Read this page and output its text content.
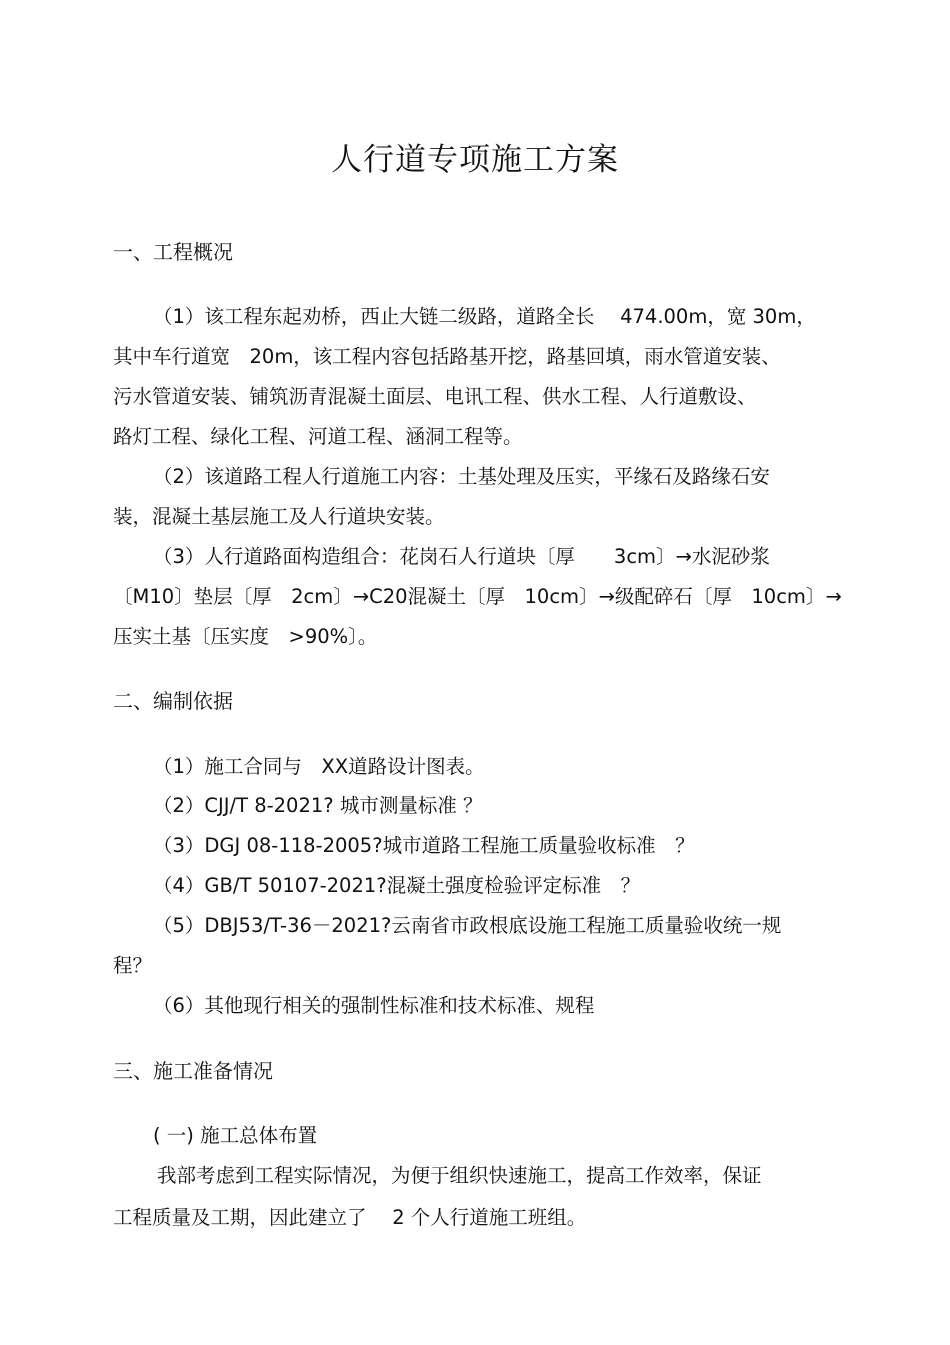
人行道专项施工方案
一、工程概况
（1）该工程东起劝桥，西止大链二级路，道路全长　 474.00m，宽 30m，
其中车行道宽　20m，该工程内容包括路基开挖，路基回填，雨水管道安装、
污水管道安装、铺筑沥青混凝土面层、电讯工程、供水工程、人行道敷设、
路灯工程、绿化工程、河道工程、涵洞工程等。
（2）该道路工程人行道施工内容：土基处理及压实，平缘石及路缘石安
装，混凝土基层施工及人行道块安装。
（3）人行道路面构造组合：花岗石人行道块〔厚　　3cm〕→水泥砂浆
〔M10〕垫层〔厚　2cm〕→C20混凝土〔厚　10cm〕→级配碎石〔厚　10cm〕→
压实土基〔压实度　>90%〕。
二、编制依据
（1）施工合同与　XX道路设计图表。
（2）CJJ/T 8-2021? 城市测量标准 ？
（3）DGJ 08-118-2005?城市道路工程施工质量验收标准　？
（4）GB/T 50107-2021?混凝土强度检验评定标准　？
（5）DBJ53/T-36－2021?云南省市政根底设施工程施工质量验收统一规
程？
（6）其他现行相关的强制性标准和技术标准、规程
三、施工准备情况
( 一) 施工总体布置
我部考虑到工程实际情况，为便于组织快速施工，提高工作效率，保证
工程质量及工期，因此建立了　 2 个人行道施工班组。
